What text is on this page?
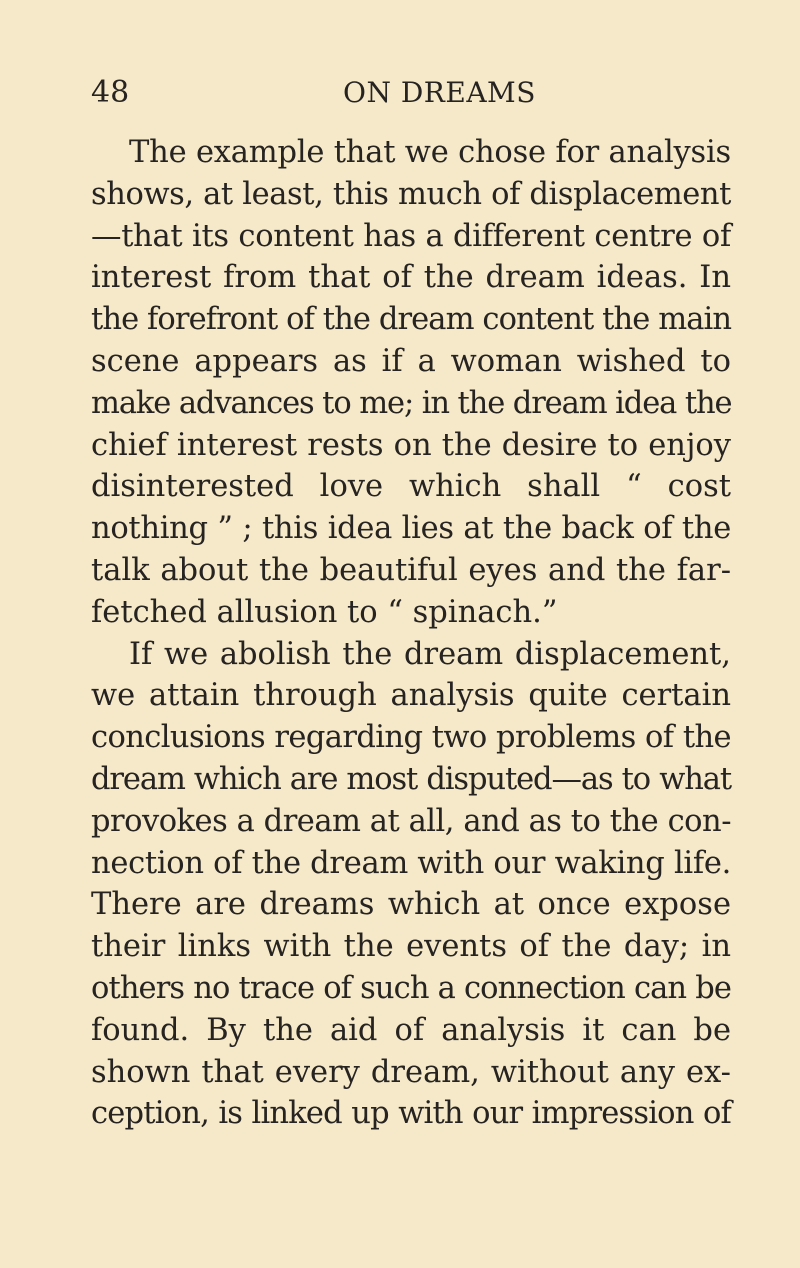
48	ON DREAMS
The example that we chose for analysis
shows, at least, this much of displacement
—that its content has a different centre of
interest from that of the dream ideas. In
the forefront of the dream content the main
scene appears as if a woman wished to
make advances to me; in the dream idea the
chief interest rests on the desire to enjoy
disinterested love which shall “ cost
nothing ” ; this idea lies at the back of the
talk about the beautiful eyes and the far-
fetched allusion to “ spinach.”
If we abolish the dream displacement,
we attain through analysis quite certain
conclusions regarding two problems of the
dream which are most disputed—as to what
provokes a dream at all, and as to the con-
nection of the dream with our waking life.
There are dreams which at once expose
their links with the events of the day; in
others no trace of such a connection can be
found. By the aid of analysis it can be
shown that every dream, without any ex-
ception, is linked up with our impression of
